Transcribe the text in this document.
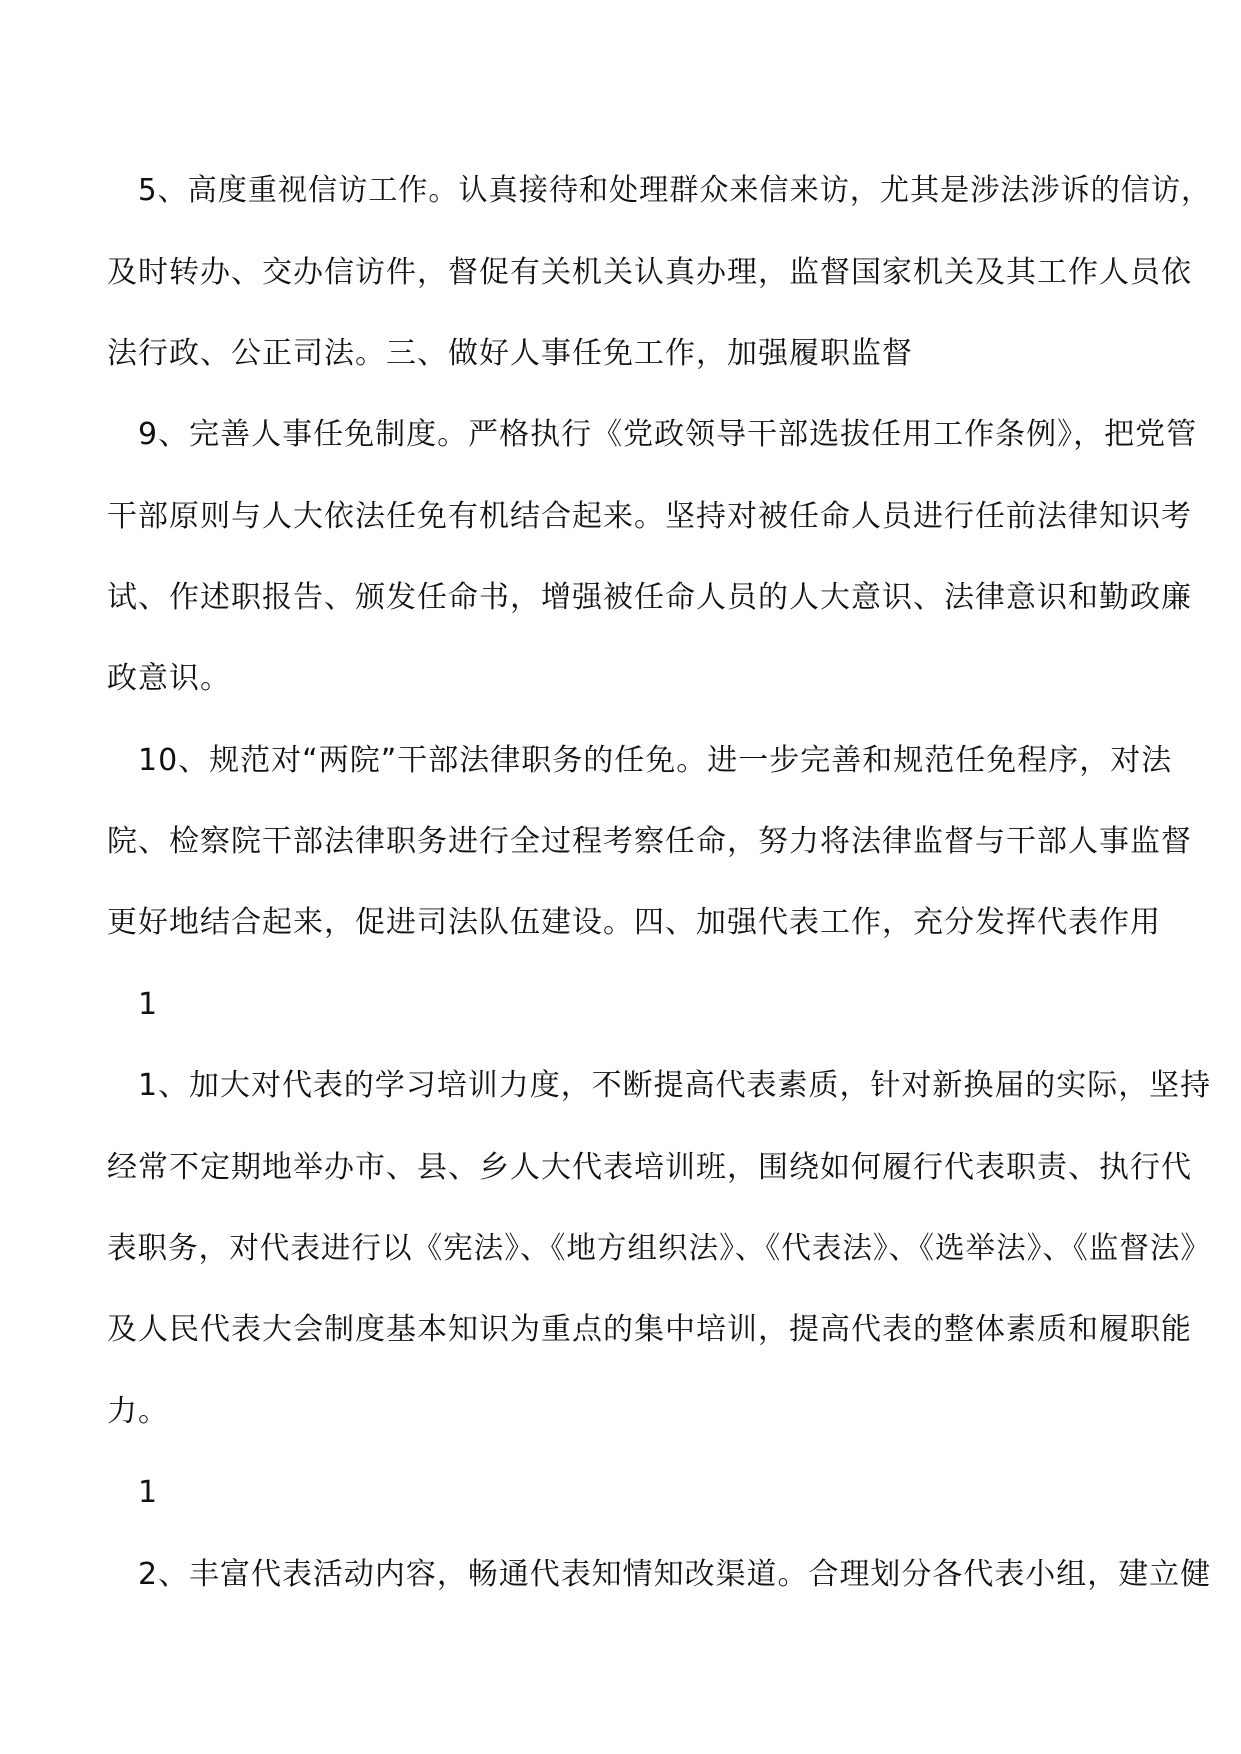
5、高度重视信访工作。认真接待和处理群众来信来访，尤其是涉法涉诉的信访，
及时转办、交办信访件，督促有关机关认真办理，监督国家机关及其工作人员依
法行政、公正司法。三、做好人事任免工作，加强履职监督
9、完善人事任免制度。严格执行《党政领导干部选拔任用工作条例》，把党管
干部原则与人大依法任免有机结合起来。坚持对被任命人员进行任前法律知识考
试、作述职报告、颁发任命书，增强被任命人员的人大意识、法律意识和勤政廉
政意识。
10、规范对“两院”干部法律职务的任免。进一步完善和规范任免程序，对法
院、检察院干部法律职务进行全过程考察任命，努力将法律监督与干部人事监督
更好地结合起来，促进司法队伍建设。四、加强代表工作，充分发挥代表作用
1
1、加大对代表的学习培训力度，不断提高代表素质，针对新换届的实际，坚持
经常不定期地举办市、县、乡人大代表培训班，围绕如何履行代表职责、执行代
表职务，对代表进行以《宪法》、《地方组织法》、《代表法》、《选举法》、《监督法》
及人民代表大会制度基本知识为重点的集中培训，提高代表的整体素质和履职能
力。
1
2、丰富代表活动内容，畅通代表知情知改渠道。合理划分各代表小组，建立健
